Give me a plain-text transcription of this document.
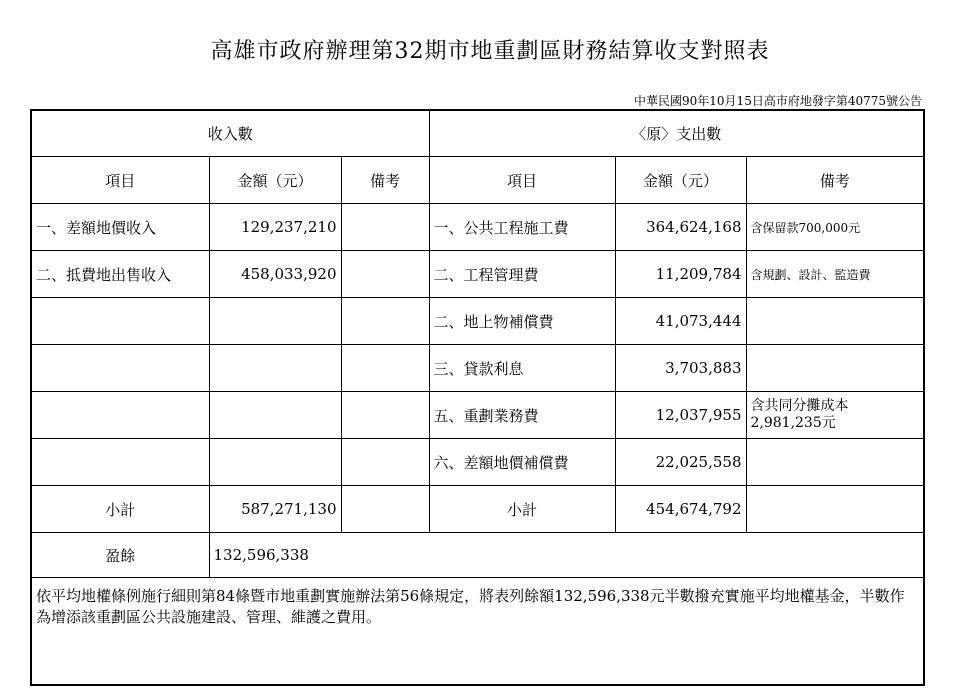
高雄市政府辦理第32期市地重劃區財務結算收支對照表
中華民國90年10月15日高市府地發字第40775號公告
收入數			〈原〉支出數		
項目	金額（元）	備考	項目	金額（元）	備考
一、差額地價收入	129,237,210		一、公共工程施工費	364,624,168	含保留款700,000元
二、抵費地出售收入	458,033,920		二、工程管理費	11,209,784	含規劃、設計、監造費
			二、地上物補償費	41,073,444	
			三、貸款利息	3,703,883	
			五、重劃業務費	12,037,955	含共同分攤成本2,981,235元
			六、差額地價補償費	22,025,558	
小計	587,271,130		小計	454,674,792	
盈餘	132,596,338				
依平均地權條例施行細則第84條暨市地重劃實施辦法第56條規定，將表列餘額132,596,338元半數撥充實施平均地權基金，半數作為增添該重劃區公共設施建設、管理、維護之費用。					
